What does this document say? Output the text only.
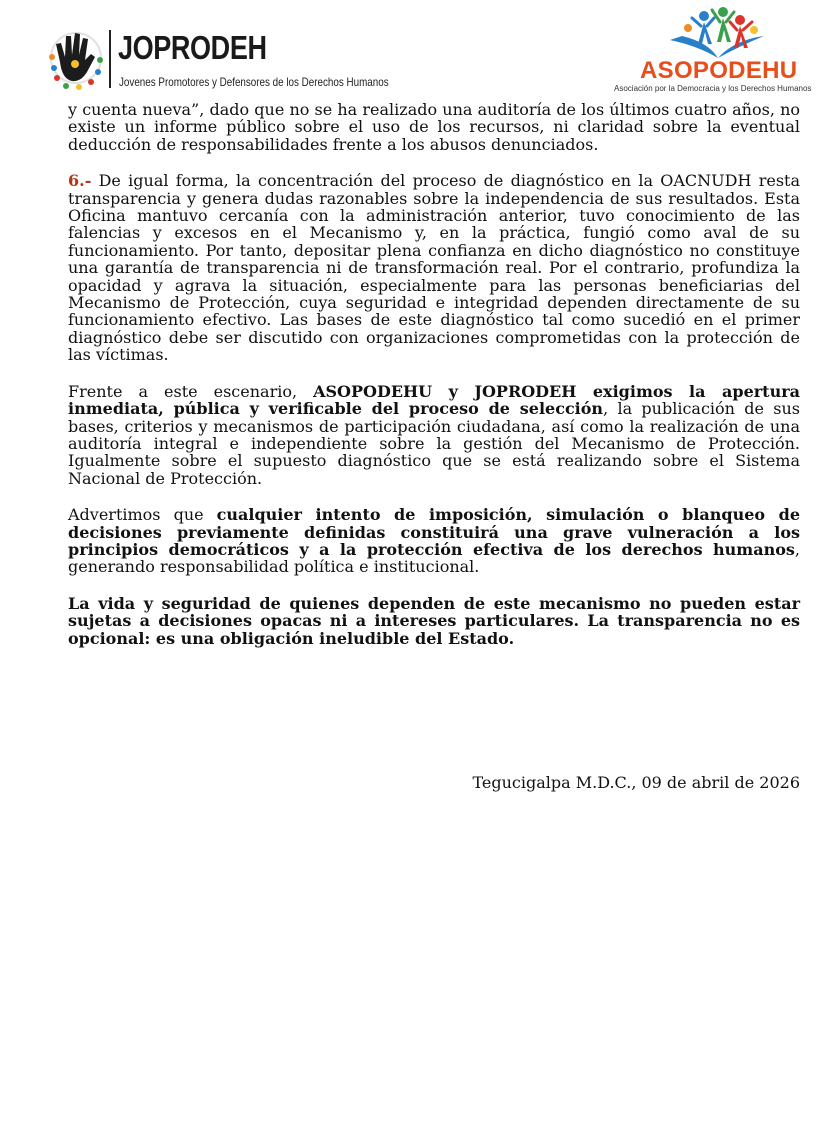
JOPRODEH
Jovenes Promotores y Defensores de los Derechos Humanos	ASOPODEHU
Asociación por la Democracia y los Derechos Humanos

y cuenta nueva”, dado que no se ha realizado una auditoría de los últimos cuatro años, no existe un informe público sobre el uso de los recursos, ni claridad sobre la eventual deducción de responsabilidades frente a los abusos denunciados.

6.- De igual forma, la concentración del proceso de diagnóstico en la OACNUDH resta transparencia y genera dudas razonables sobre la independencia de sus resultados. Esta Oficina mantuvo cercanía con la administración anterior, tuvo conocimiento de las falencias y excesos en el Mecanismo y, en la práctica, fungió como aval de su funcionamiento. Por tanto, depositar plena confianza en dicho diagnóstico no constituye una garantía de transparencia ni de transformación real. Por el contrario, profundiza la opacidad y agrava la situación, especialmente para las personas beneficiarias del Mecanismo de Protección, cuya seguridad e integridad dependen directamente de su funcionamiento efectivo. Las bases de este diagnóstico tal como sucedió en el primer diagnóstico debe ser discutido con organizaciones comprometidas con la protección de las víctimas.

Frente a este escenario, ASOPODEHU y JOPRODEH exigimos la apertura inmediata, pública y verificable del proceso de selección, la publicación de sus bases, criterios y mecanismos de participación ciudadana, así como la realización de una auditoría integral e independiente sobre la gestión del Mecanismo de Protección. Igualmente sobre el supuesto diagnóstico que se está realizando sobre el Sistema Nacional de Protección.

Advertimos que cualquier intento de imposición, simulación o blanqueo de decisiones previamente definidas constituirá una grave vulneración a los principios democráticos y a la protección efectiva de los derechos humanos, generando responsabilidad política e institucional.

La vida y seguridad de quienes dependen de este mecanismo no pueden estar sujetas a decisiones opacas ni a intereses particulares. La transparencia no es opcional: es una obligación ineludible del Estado.

Tegucigalpa M.D.C., 09 de abril de 2026
